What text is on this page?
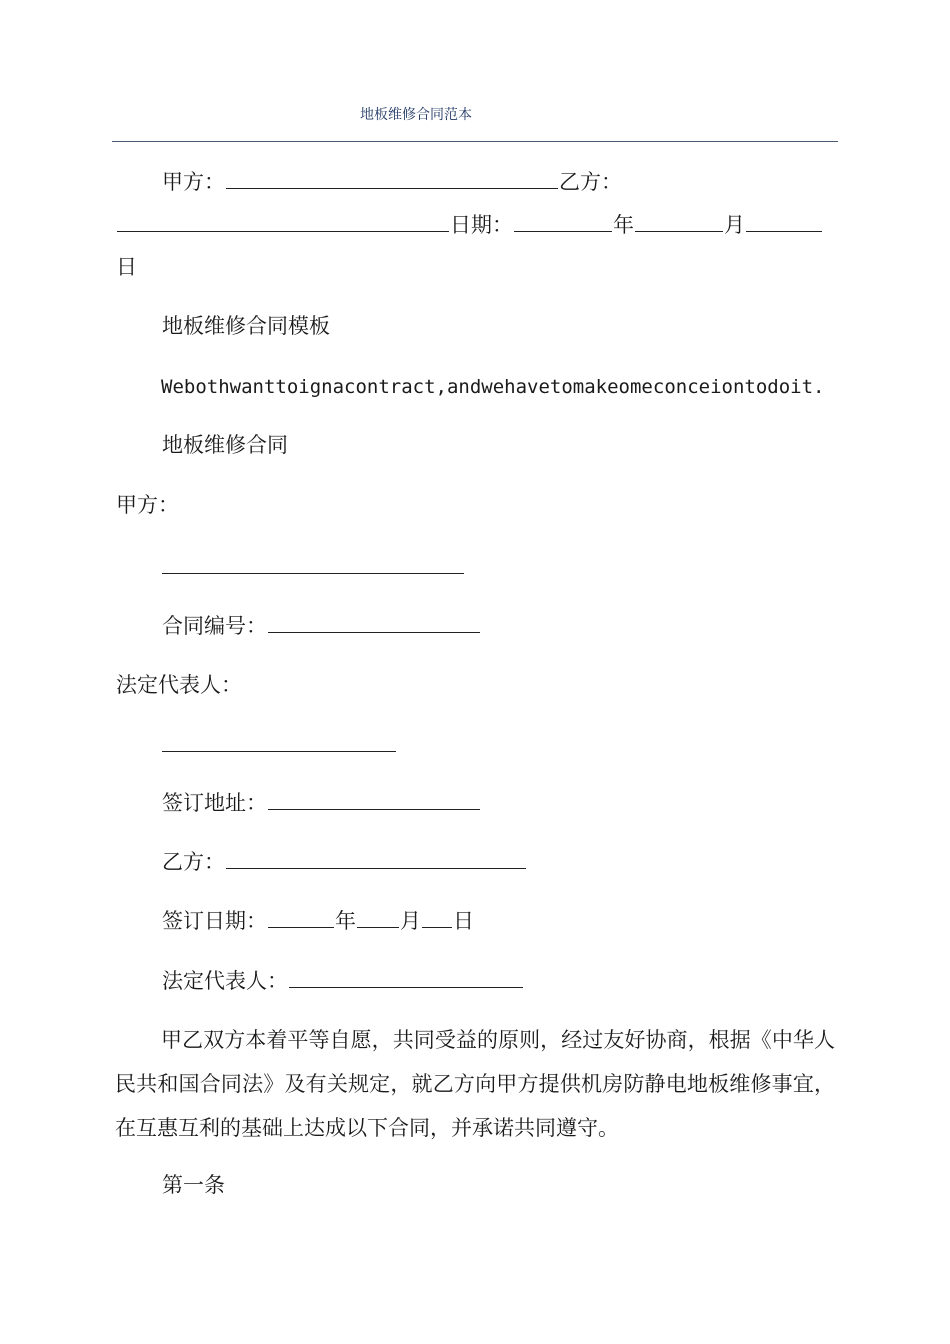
地板维修合同范本
甲方：	乙方：
日期：	年	月
日
地板维修合同模板
Webothwanttoignacontract,andwehavetomakeomeconceiontodoit.
地板维修合同
甲方：
合同编号：
法定代表人：
签订地址：
乙方：
签订日期：	年 月 日
法定代表人：
甲乙双方本着平等自愿，共同受益的原则，经过友好协商，根据《中华人民共和国合同法》及有关规定，就乙方向甲方提供机房防静电地板维修事宜，在互惠互利的基础上达成以下合同，并承诺共同遵守。
第一条
